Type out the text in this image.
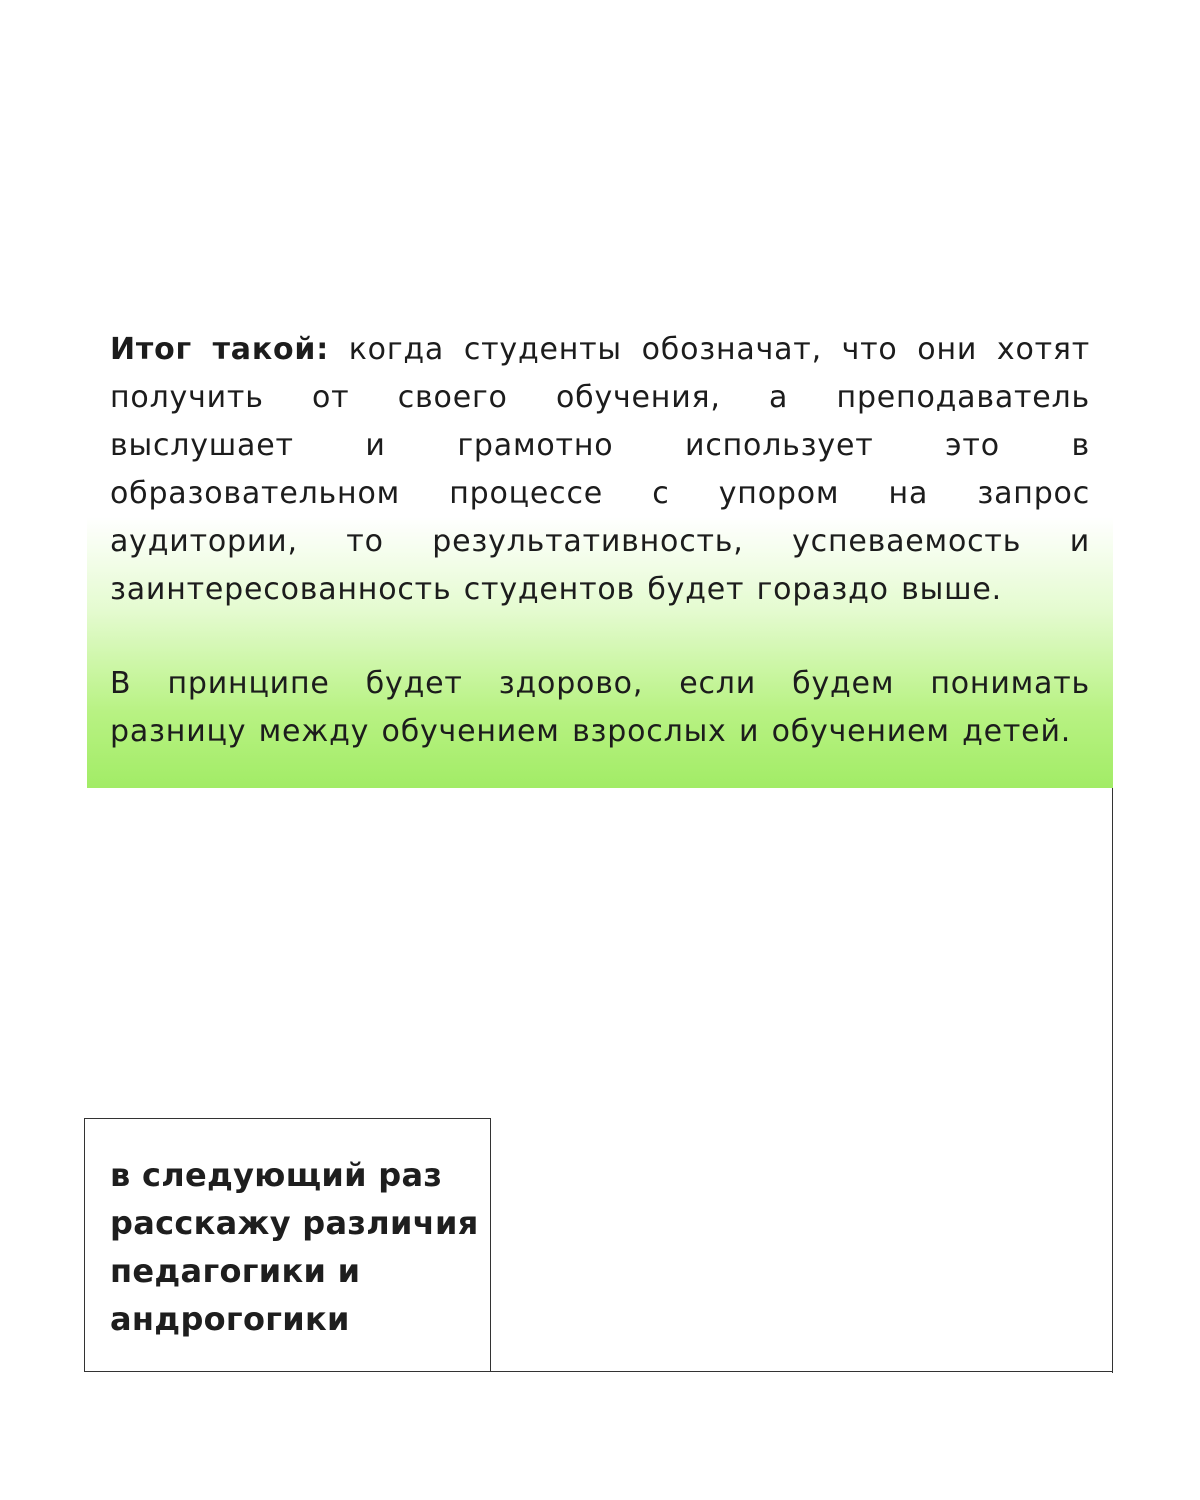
Итог такой: когда студенты обозначат, что они хотят получить от своего обучения, а преподаватель выслушает и грамотно использует это в образовательном процессе с упором на запрос аудитории, то результативность, успеваемость и заинтересованность студентов будет гораздо выше.

В принципе будет здорово, если будем понимать разницу между обучением взрослых и обучением детей.

в следующий раз расскажу различия педагогики и андрогогики
